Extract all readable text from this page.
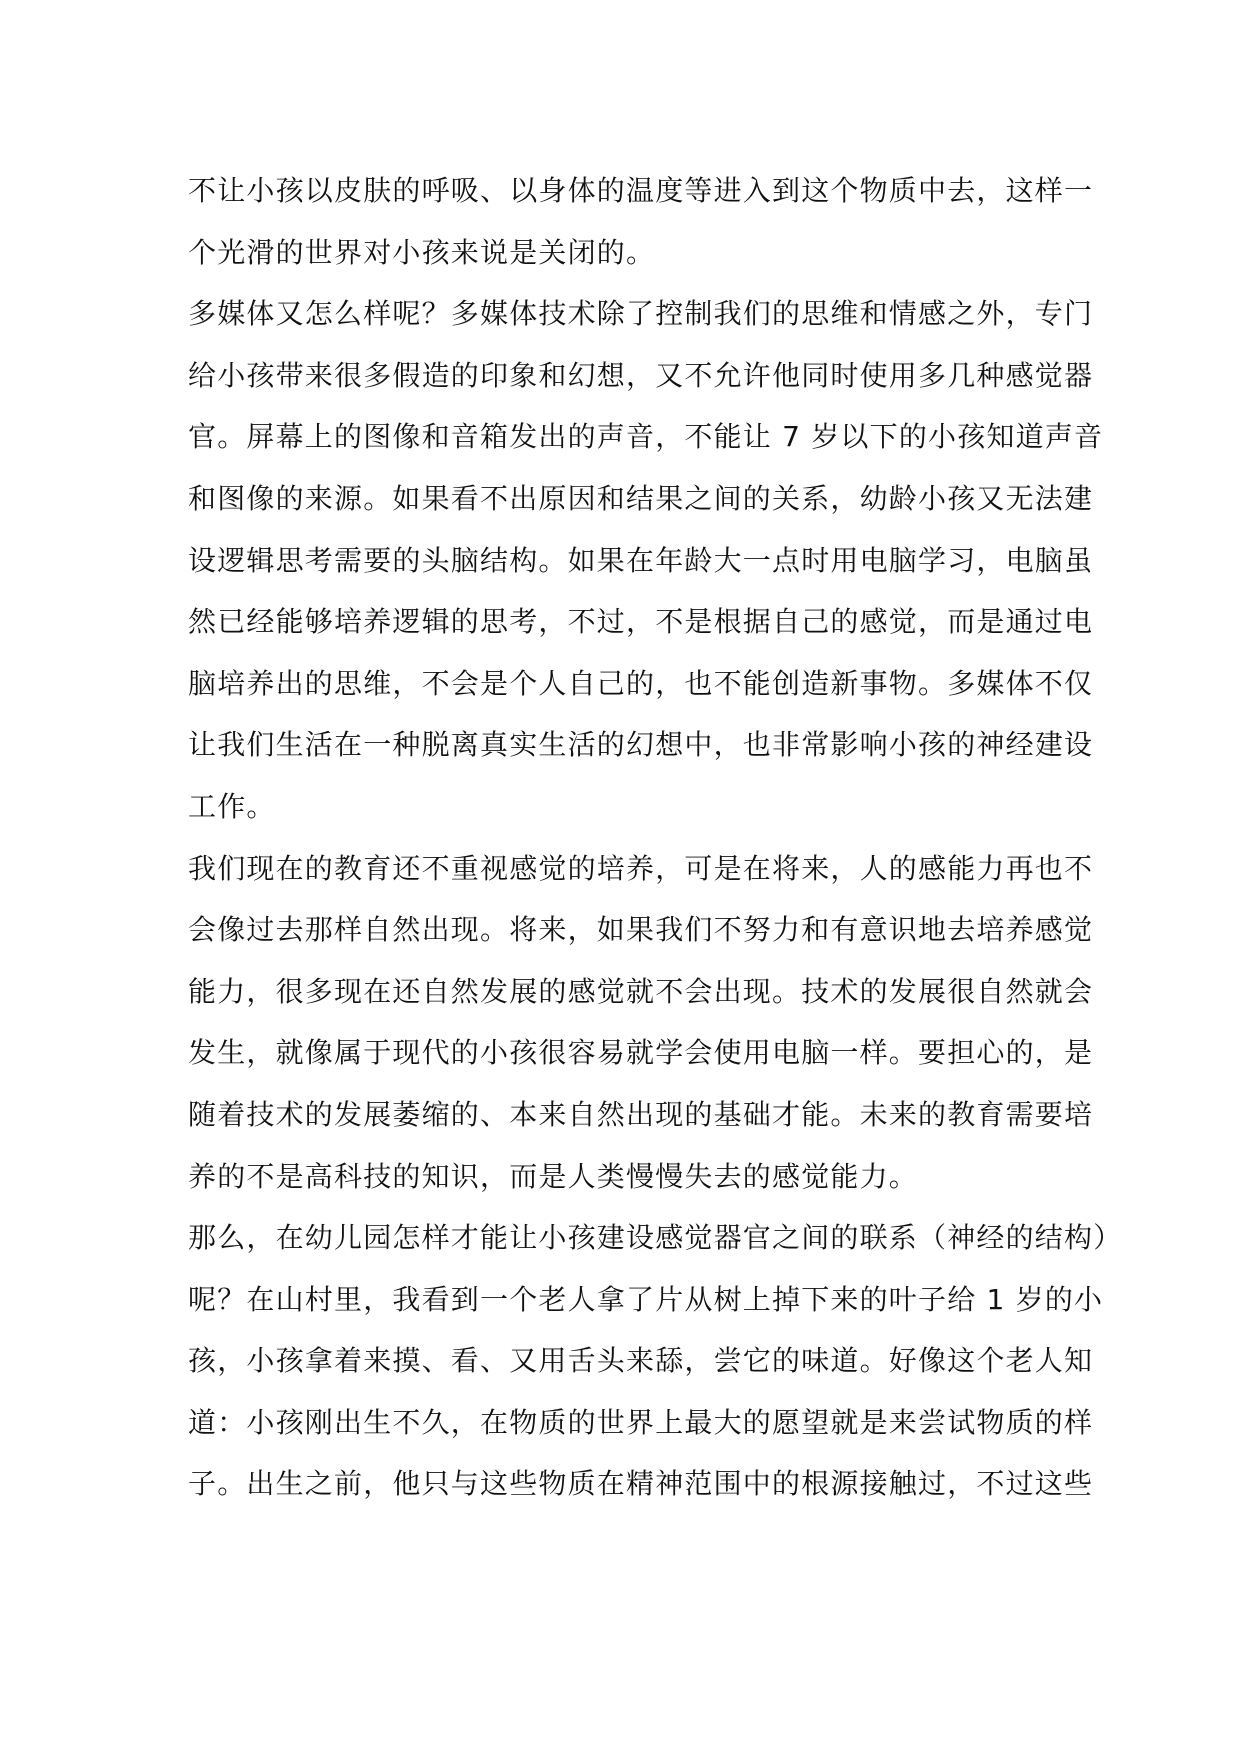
不让小孩以皮肤的呼吸、以身体的温度等进入到这个物质中去，这样一
个光滑的世界对小孩来说是关闭的。
多媒体又怎么样呢？多媒体技术除了控制我们的思维和情感之外，专门
给小孩带来很多假造的印象和幻想，又不允许他同时使用多几种感觉器
官。屏幕上的图像和音箱发出的声音，不能让 7 岁以下的小孩知道声音
和图像的来源。如果看不出原因和结果之间的关系，幼龄小孩又无法建
设逻辑思考需要的头脑结构。如果在年龄大一点时用电脑学习，电脑虽
然已经能够培养逻辑的思考，不过，不是根据自己的感觉，而是通过电
脑培养出的思维，不会是个人自己的，也不能创造新事物。多媒体不仅
让我们生活在一种脱离真实生活的幻想中，也非常影响小孩的神经建设
工作。
我们现在的教育还不重视感觉的培养，可是在将来，人的感能力再也不
会像过去那样自然出现。将来，如果我们不努力和有意识地去培养感觉
能力，很多现在还自然发展的感觉就不会出现。技术的发展很自然就会
发生，就像属于现代的小孩很容易就学会使用电脑一样。要担心的，是
随着技术的发展萎缩的、本来自然出现的基础才能。未来的教育需要培
养的不是高科技的知识，而是人类慢慢失去的感觉能力。
那么，在幼儿园怎样才能让小孩建设感觉器官之间的联系（神经的结构）
呢？在山村里，我看到一个老人拿了片从树上掉下来的叶子给 1 岁的小
孩，小孩拿着来摸、看、又用舌头来舔，尝它的味道。好像这个老人知
道：小孩刚出生不久，在物质的世界上最大的愿望就是来尝试物质的样
子。出生之前，他只与这些物质在精神范围中的根源接触过，不过这些
